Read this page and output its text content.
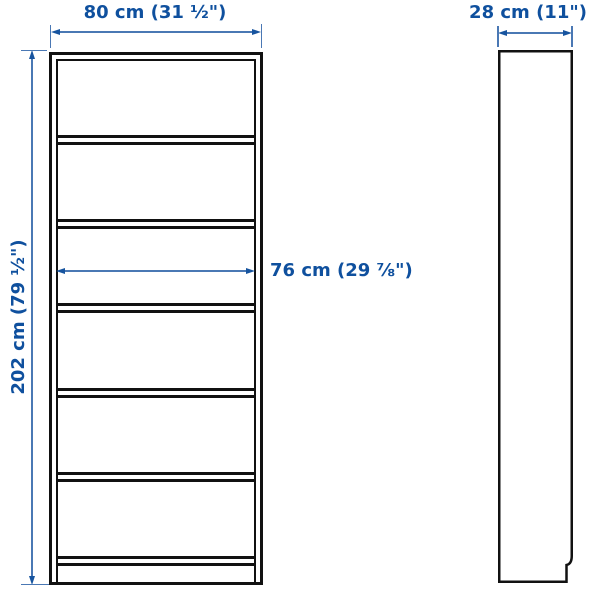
80 cm (31 ½")
202 cm (79 ½")	76 cm (29 ⅞")
28 cm (11")
